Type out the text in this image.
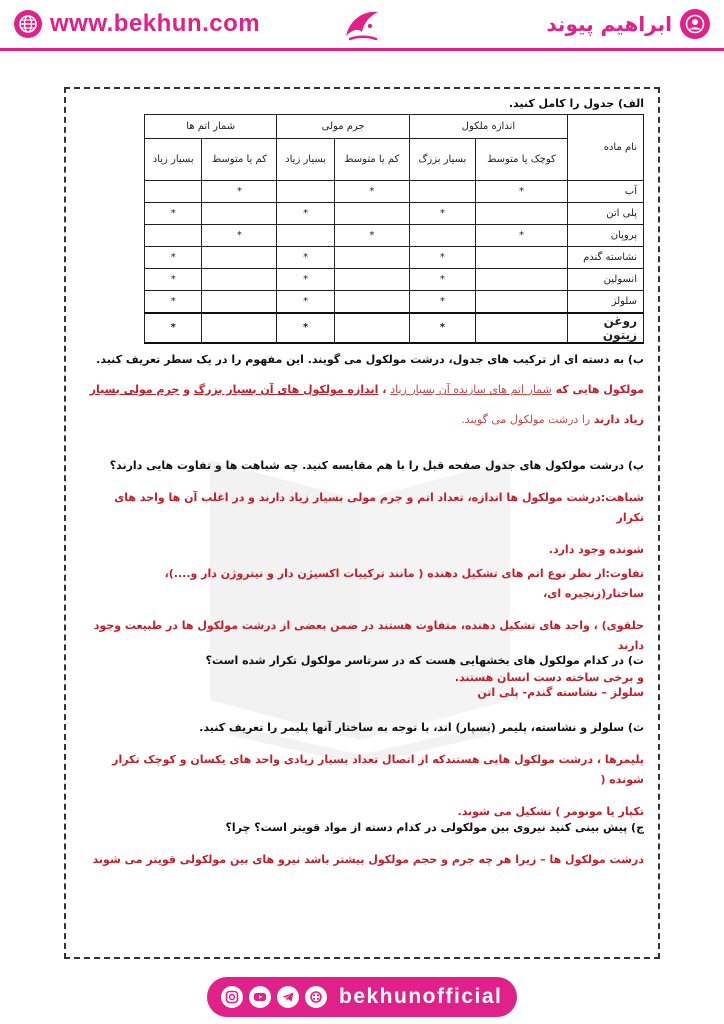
www.bekhun.com	ابراهیم پیوند
الف) جدول را کامل کنید.
نام ماده	اندازه ملکول		جرم مولی		شمار اتم ها	
	کوچک یا متوسط	بسیار بزرگ	کم یا متوسط	بسیار زیاد	کم یا متوسط	بسیار زیاد
آب	*		*		*	
پلی اتن		*		*		*
پروپان	*		*		*	
نشاسته گندم		*		*		*
انسولین		*		*		*
سلولز		*		*		*
روغن زیتون		*		*		*
ب) به دسته ای از ترکیب های جدول، درشت مولکول می گویند. این مفهوم را در یک سطر تعریف کنید.
مولکول هایی که شمار اتم های سازنده آن بسیار زیاد ، اندازه مولکول های آن بسیار بزرگ و جرم مولی بسیار
زیاد دارند را درشت مولکول می گویند.
پ) درشت مولکول های جدول صفحه قبل را با هم مقایسه کنید. چه شباهت ها و تفاوت هایی دارند؟
شباهت:درشت مولکول ها اندازه، تعداد اتم و جرم مولی بسیار زیاد دارند و در اغلب آن ها واحد های تکرار
شونده وجود دارد.
تفاوت:از نظر نوع اتم های تشکیل دهنده ( مانند ترکیبات اکسیژن دار و نیتروژن دار و....)، ساختار(زنجیره ای،
حلقوی) ، واحد های تشکیل دهنده، متفاوت هستند در ضمن بعضی از درشت مولکول ها در طبیعت وجود دارند
و برخی ساخته دست انسان هستند.
ت) در کدام مولکول های بخشهایی هست که در سرتاسر مولکول تکرار شده است؟
سلولز – نشاسته گندم- پلی اتن
ث) سلولز و نشاسته، پلیمر (بسپار) اند، با توجه به ساختار آنها پلیمر را تعریف کنید.
پلیمرها ، درشت مولکول هایی هستندکه از اتصال تعداد بسیار زیادی واحد های یکسان و کوچک تکرار شونده (
تکپار یا مونومر ) تشکیل می شوند.
ج) پیش بینی کنید نیروی بین مولکولی در کدام دسته از مواد قویتر است؟ چرا؟
درشت مولکول ها – زیرا هر چه جرم و حجم مولکول بیشتر باشد نیرو های بین مولکولی قویتر می شوند
bekhunofficial
